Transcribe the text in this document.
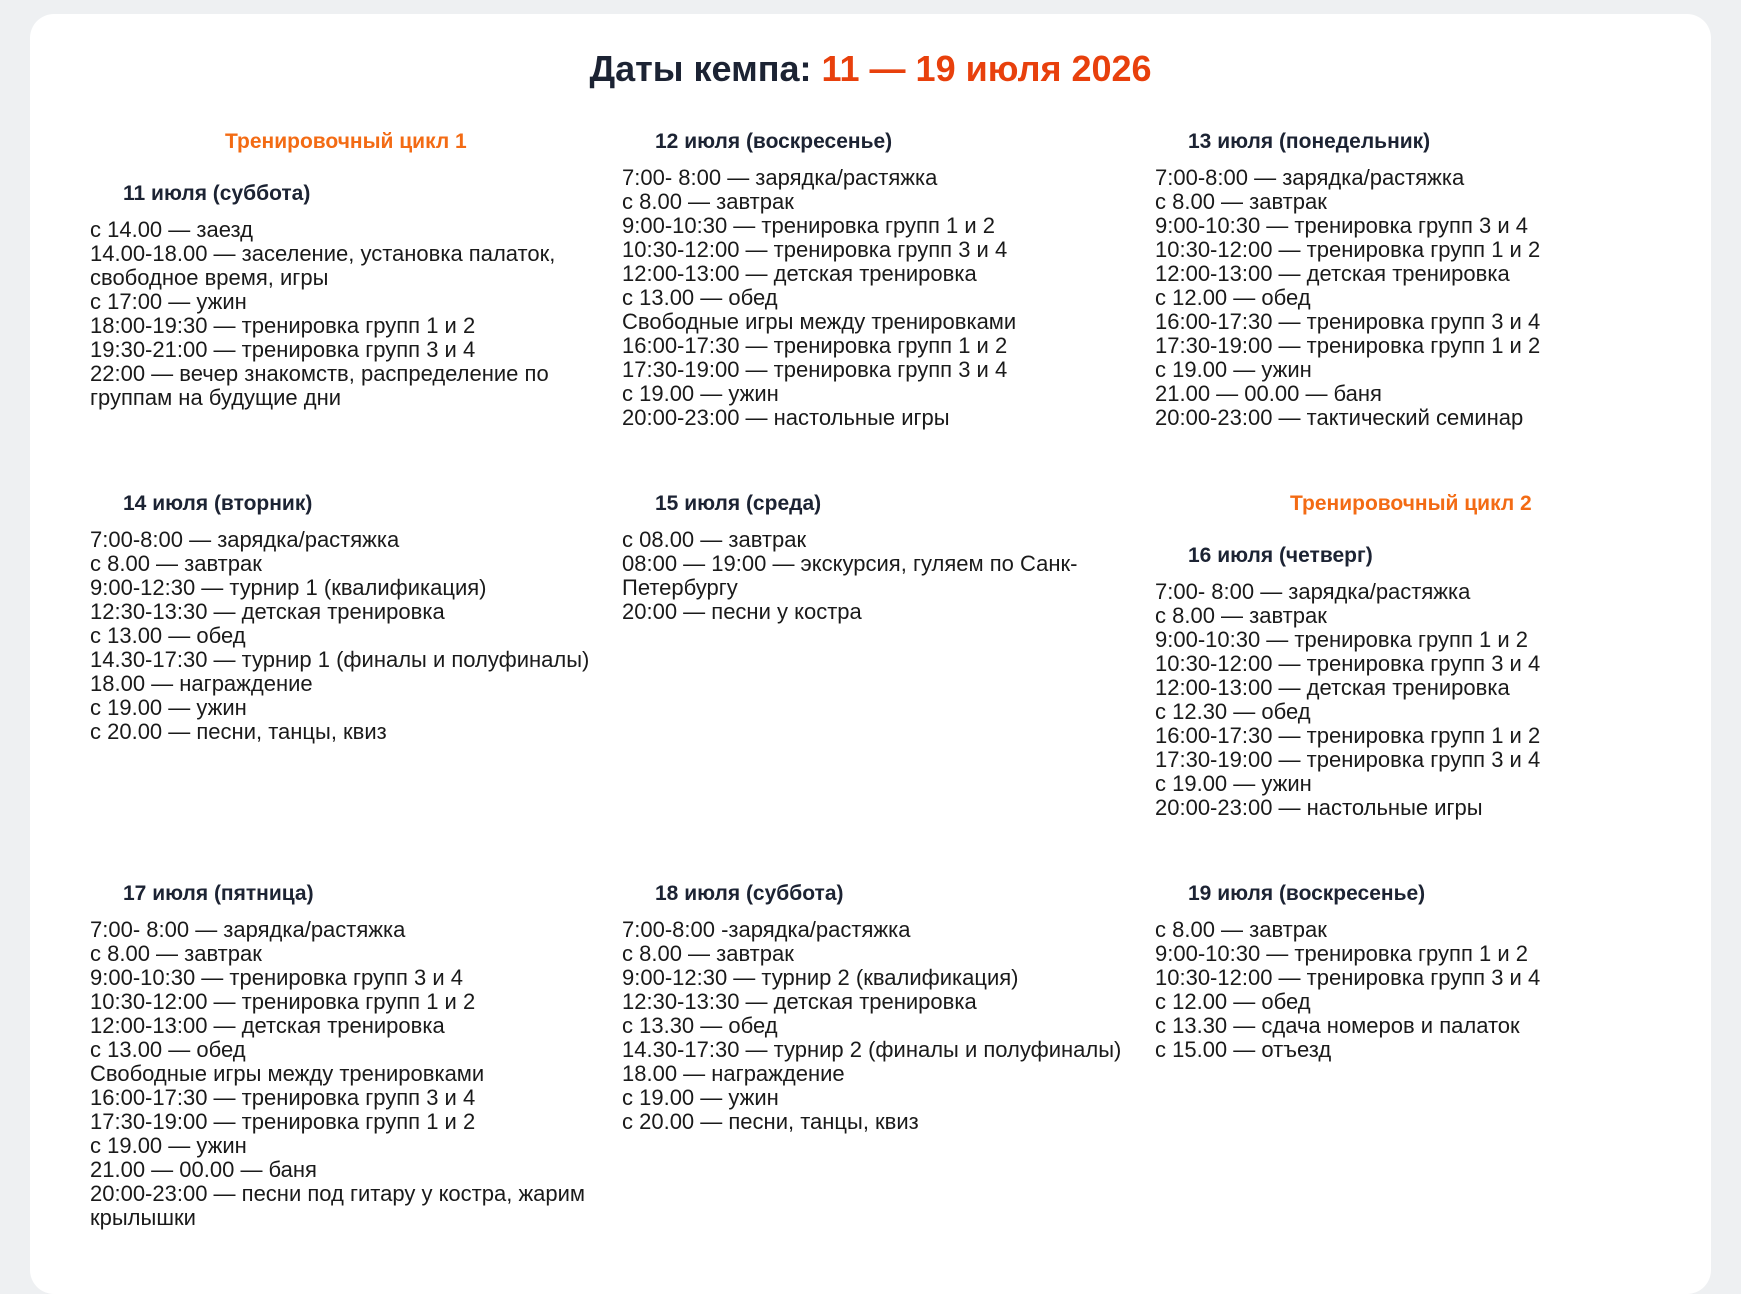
Даты кемпа: 11 — 19 июля 2026
Тренировочный цикл 1
11 июля (суббота)
с 14.00 — заезд
14.00-18.00 — заселение, установка палаток, свободное время, игры
с 17:00 — ужин
18:00-19:30 — тренировка групп 1 и 2
19:30-21:00 — тренировка групп 3 и 4
22:00 — вечер знакомств, распределение по группам на будущие дни
12 июля (воскресенье)
7:00- 8:00 — зарядка/растяжка
с 8.00 — завтрак
9:00-10:30 — тренировка групп 1 и 2
10:30-12:00 — тренировка групп 3 и 4
12:00-13:00 — детская тренировка
с 13.00 — обед
Свободные игры между тренировками
16:00-17:30 — тренировка групп 1 и 2
17:30-19:00 — тренировка групп 3 и 4
с 19.00 — ужин
20:00-23:00 — настольные игры
13 июля (понедельник)
7:00-8:00 — зарядка/растяжка
с 8.00 — завтрак
9:00-10:30 — тренировка групп 3 и 4
10:30-12:00 — тренировка групп 1 и 2
12:00-13:00 — детская тренировка
с 12.00 — обед
16:00-17:30 — тренировка групп 3 и 4
17:30-19:00 — тренировка групп 1 и 2
с 19.00 — ужин
21.00 — 00.00 — баня
20:00-23:00 — тактический семинар
14 июля (вторник)
7:00-8:00 — зарядка/растяжка
с 8.00 — завтрак
9:00-12:30 — турнир 1 (квалификация)
12:30-13:30 — детская тренировка
с 13.00 — обед
14.30-17:30 — турнир 1 (финалы и полуфиналы)
18.00 — награждение
с 19.00 — ужин
с 20.00 — песни, танцы, квиз
15 июля (среда)
с 08.00 — завтрак
08:00 — 19:00 — экскурсия, гуляем по Санк-Петербургу
20:00 — песни у костра
Тренировочный цикл 2
16 июля (четверг)
7:00- 8:00 — зарядка/растяжка
с 8.00 — завтрак
9:00-10:30 — тренировка групп 1 и 2
10:30-12:00 — тренировка групп 3 и 4
12:00-13:00 — детская тренировка
с 12.30 — обед
16:00-17:30 — тренировка групп 1 и 2
17:30-19:00 — тренировка групп 3 и 4
с 19.00 — ужин
20:00-23:00 — настольные игры
17 июля (пятница)
7:00- 8:00 — зарядка/растяжка
с 8.00 — завтрак
9:00-10:30 — тренировка групп 3 и 4
10:30-12:00 — тренировка групп 1 и 2
12:00-13:00 — детская тренировка
с 13.00 — обед
Свободные игры между тренировками
16:00-17:30 — тренировка групп 3 и 4
17:30-19:00 — тренировка групп 1 и 2
с 19.00 — ужин
21.00 — 00.00 — баня
20:00-23:00 — песни под гитару у костра, жарим крылышки
18 июля (суббота)
7:00-8:00 -зарядка/растяжка
с 8.00 — завтрак
9:00-12:30 — турнир 2 (квалификация)
12:30-13:30 — детская тренировка
с 13.30 — обед
14.30-17:30 — турнир 2 (финалы и полуфиналы)
18.00 — награждение
с 19.00 — ужин
с 20.00 — песни, танцы, квиз
19 июля (воскресенье)
с 8.00 — завтрак
9:00-10:30 — тренировка групп 1 и 2
10:30-12:00 — тренировка групп 3 и 4
с 12.00 — обед
с 13.30 — сдача номеров и палаток
с 15.00 — отъезд
